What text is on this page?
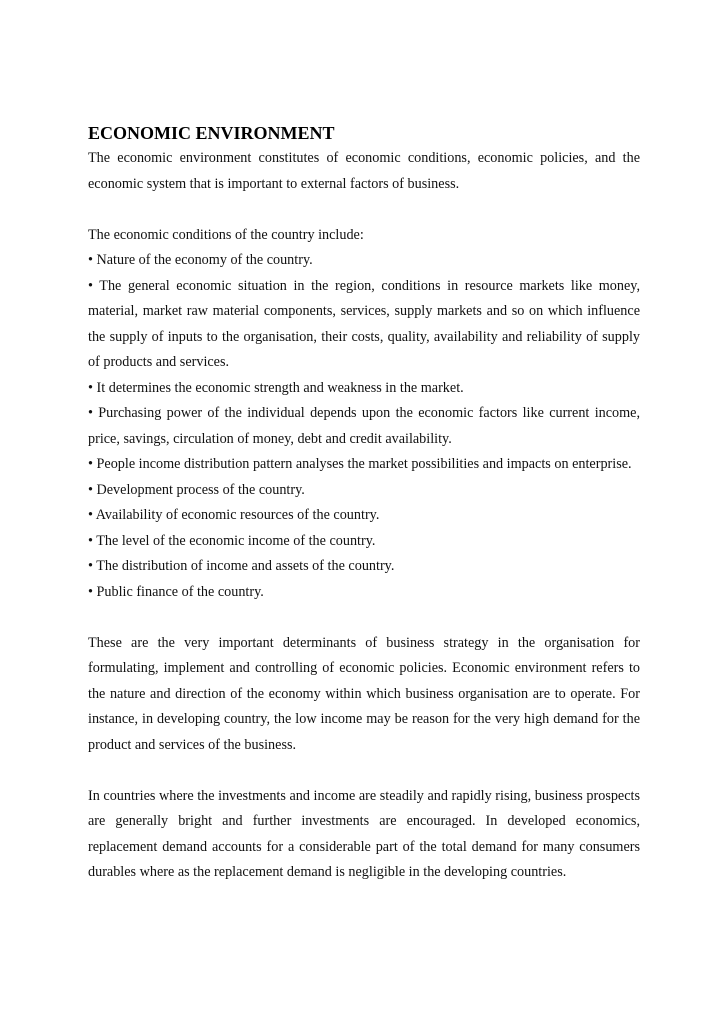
ECONOMIC ENVIRONMENT

The economic environment constitutes of economic conditions, economic policies, and the economic system that is important to external factors of business.

The economic conditions of the country include:

• Nature of the economy of the country.
• The general economic situation in the region, conditions in resource markets like money, material, market raw material components, services, supply markets and so on which influence the supply of inputs to the organisation, their costs, quality, availability and reliability of supply of products and services.
• It determines the economic strength and weakness in the market.
• Purchasing power of the individual depends upon the economic factors like current income, price, savings, circulation of money, debt and credit availability.
• People income distribution pattern analyses the market possibilities and impacts on enterprise.
• Development process of the country.
• Availability of economic resources of the country.
• The level of the economic income of the country.
• The distribution of income and assets of the country.
• Public finance of the country.

These are the very important determinants of business strategy in the organisation for formulating, implement and controlling of economic policies. Economic environment refers to the nature and direction of the economy within which business organisation are to operate. For instance, in developing country, the low income may be reason for the very high demand for the product and services of the business.

In countries where the investments and income are steadily and rapidly rising, business prospects are generally bright and further investments are encouraged. In developed economics, replacement demand accounts for a considerable part of the total demand for many consumers durables where as the replacement demand is negligible in the developing countries.
